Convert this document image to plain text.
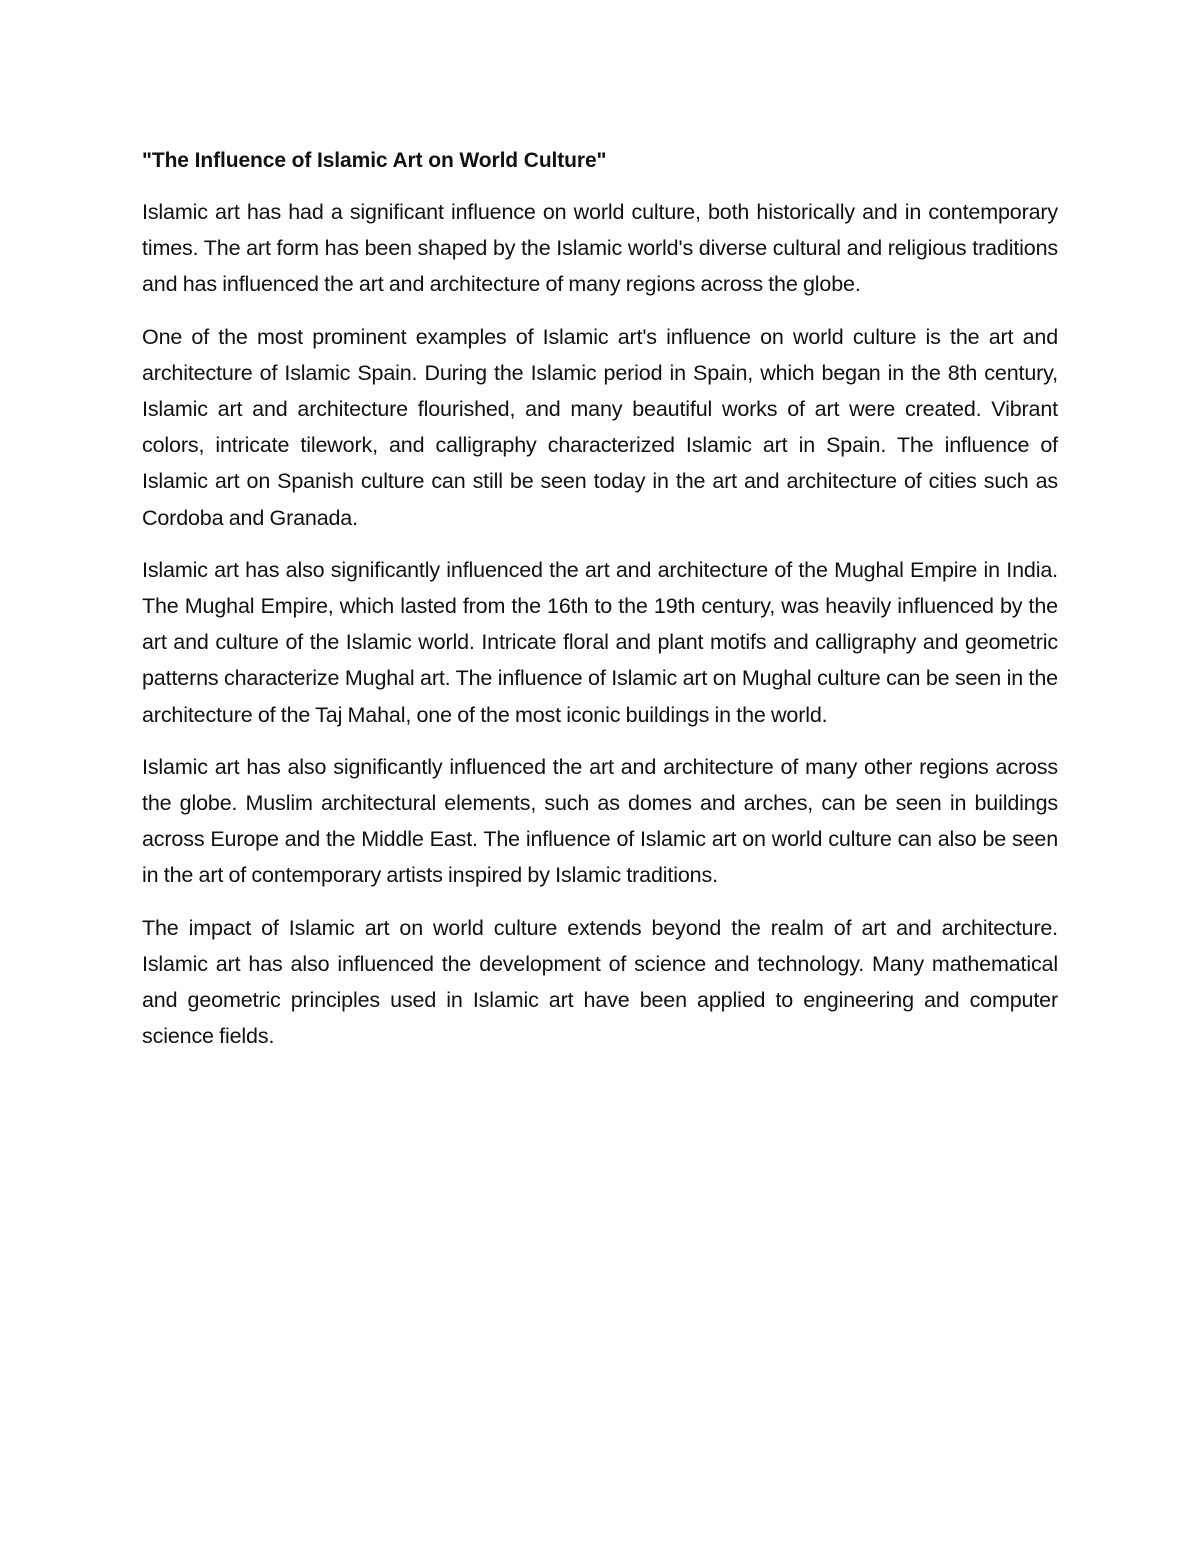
"The Influence of Islamic Art on World Culture"

Islamic art has had a significant influence on world culture, both historically and in contemporary times. The art form has been shaped by the Islamic world's diverse cultural and religious traditions and has influenced the art and architecture of many regions across the globe.

One of the most prominent examples of Islamic art's influence on world culture is the art and architecture of Islamic Spain. During the Islamic period in Spain, which began in the 8th century, Islamic art and architecture flourished, and many beautiful works of art were created. Vibrant colors, intricate tilework, and calligraphy characterized Islamic art in Spain. The influence of Islamic art on Spanish culture can still be seen today in the art and architecture of cities such as Cordoba and Granada.

Islamic art has also significantly influenced the art and architecture of the Mughal Empire in India. The Mughal Empire, which lasted from the 16th to the 19th century, was heavily influenced by the art and culture of the Islamic world. Intricate floral and plant motifs and calligraphy and geometric patterns characterize Mughal art. The influence of Islamic art on Mughal culture can be seen in the architecture of the Taj Mahal, one of the most iconic buildings in the world.

Islamic art has also significantly influenced the art and architecture of many other regions across the globe. Muslim architectural elements, such as domes and arches, can be seen in buildings across Europe and the Middle East. The influence of Islamic art on world culture can also be seen in the art of contemporary artists inspired by Islamic traditions.

The impact of Islamic art on world culture extends beyond the realm of art and architecture. Islamic art has also influenced the development of science and technology. Many mathematical and geometric principles used in Islamic art have been applied to engineering and computer science fields.
